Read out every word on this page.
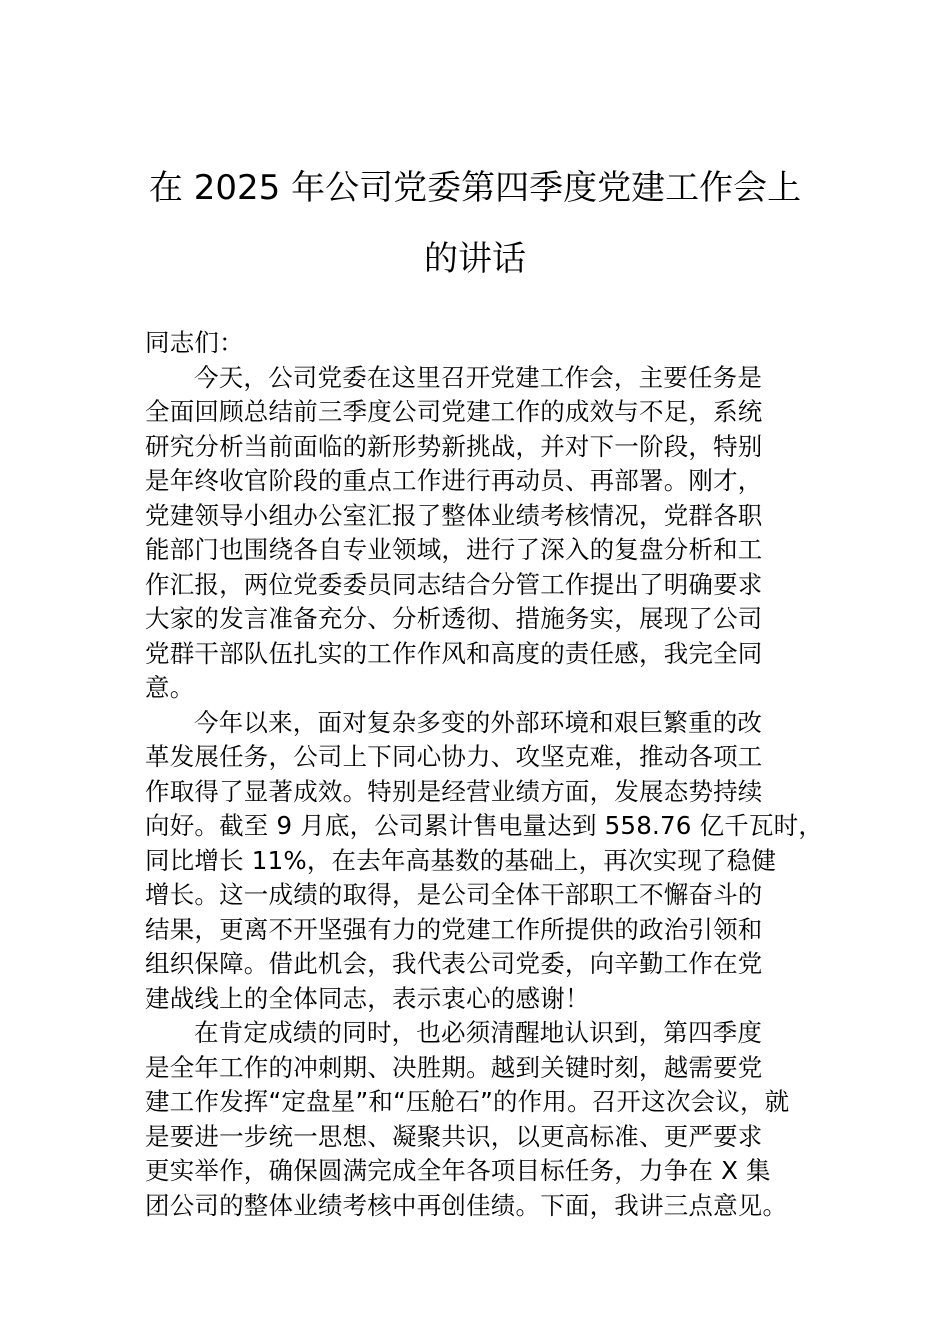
在 2025 年公司党委第四季度党建工作会上
的讲话
同志们：
今天，公司党委在这里召开党建工作会，主要任务是
全面回顾总结前三季度公司党建工作的成效与不足，系统
研究分析当前面临的新形势新挑战，并对下一阶段，特别
是年终收官阶段的重点工作进行再动员、再部署。刚才，
党建领导小组办公室汇报了整体业绩考核情况，党群各职
能部门也围绕各自专业领域，进行了深入的复盘分析和工
作汇报，两位党委委员同志结合分管工作提出了明确要求
大家的发言准备充分、分析透彻、措施务实，展现了公司
党群干部队伍扎实的工作作风和高度的责任感，我完全同
意。
今年以来，面对复杂多变的外部环境和艰巨繁重的改
革发展任务，公司上下同心协力、攻坚克难，推动各项工
作取得了显著成效。特别是经营业绩方面，发展态势持续
向好。截至 9 月底，公司累计售电量达到 558.76 亿千瓦时，
同比增长 11%，在去年高基数的基础上，再次实现了稳健
增长。这一成绩的取得，是公司全体干部职工不懈奋斗的
结果，更离不开坚强有力的党建工作所提供的政治引领和
组织保障。借此机会，我代表公司党委，向辛勤工作在党
建战线上的全体同志，表示衷心的感谢！
在肯定成绩的同时，也必须清醒地认识到，第四季度
是全年工作的冲刺期、决胜期。越到关键时刻，越需要党
建工作发挥“定盘星”和“压舱石”的作用。召开这次会议，就
是要进一步统一思想、凝聚共识，以更高标准、更严要求
更实举作，确保圆满完成全年各项目标任务，力争在 X 集
团公司的整体业绩考核中再创佳绩。下面，我讲三点意见。
